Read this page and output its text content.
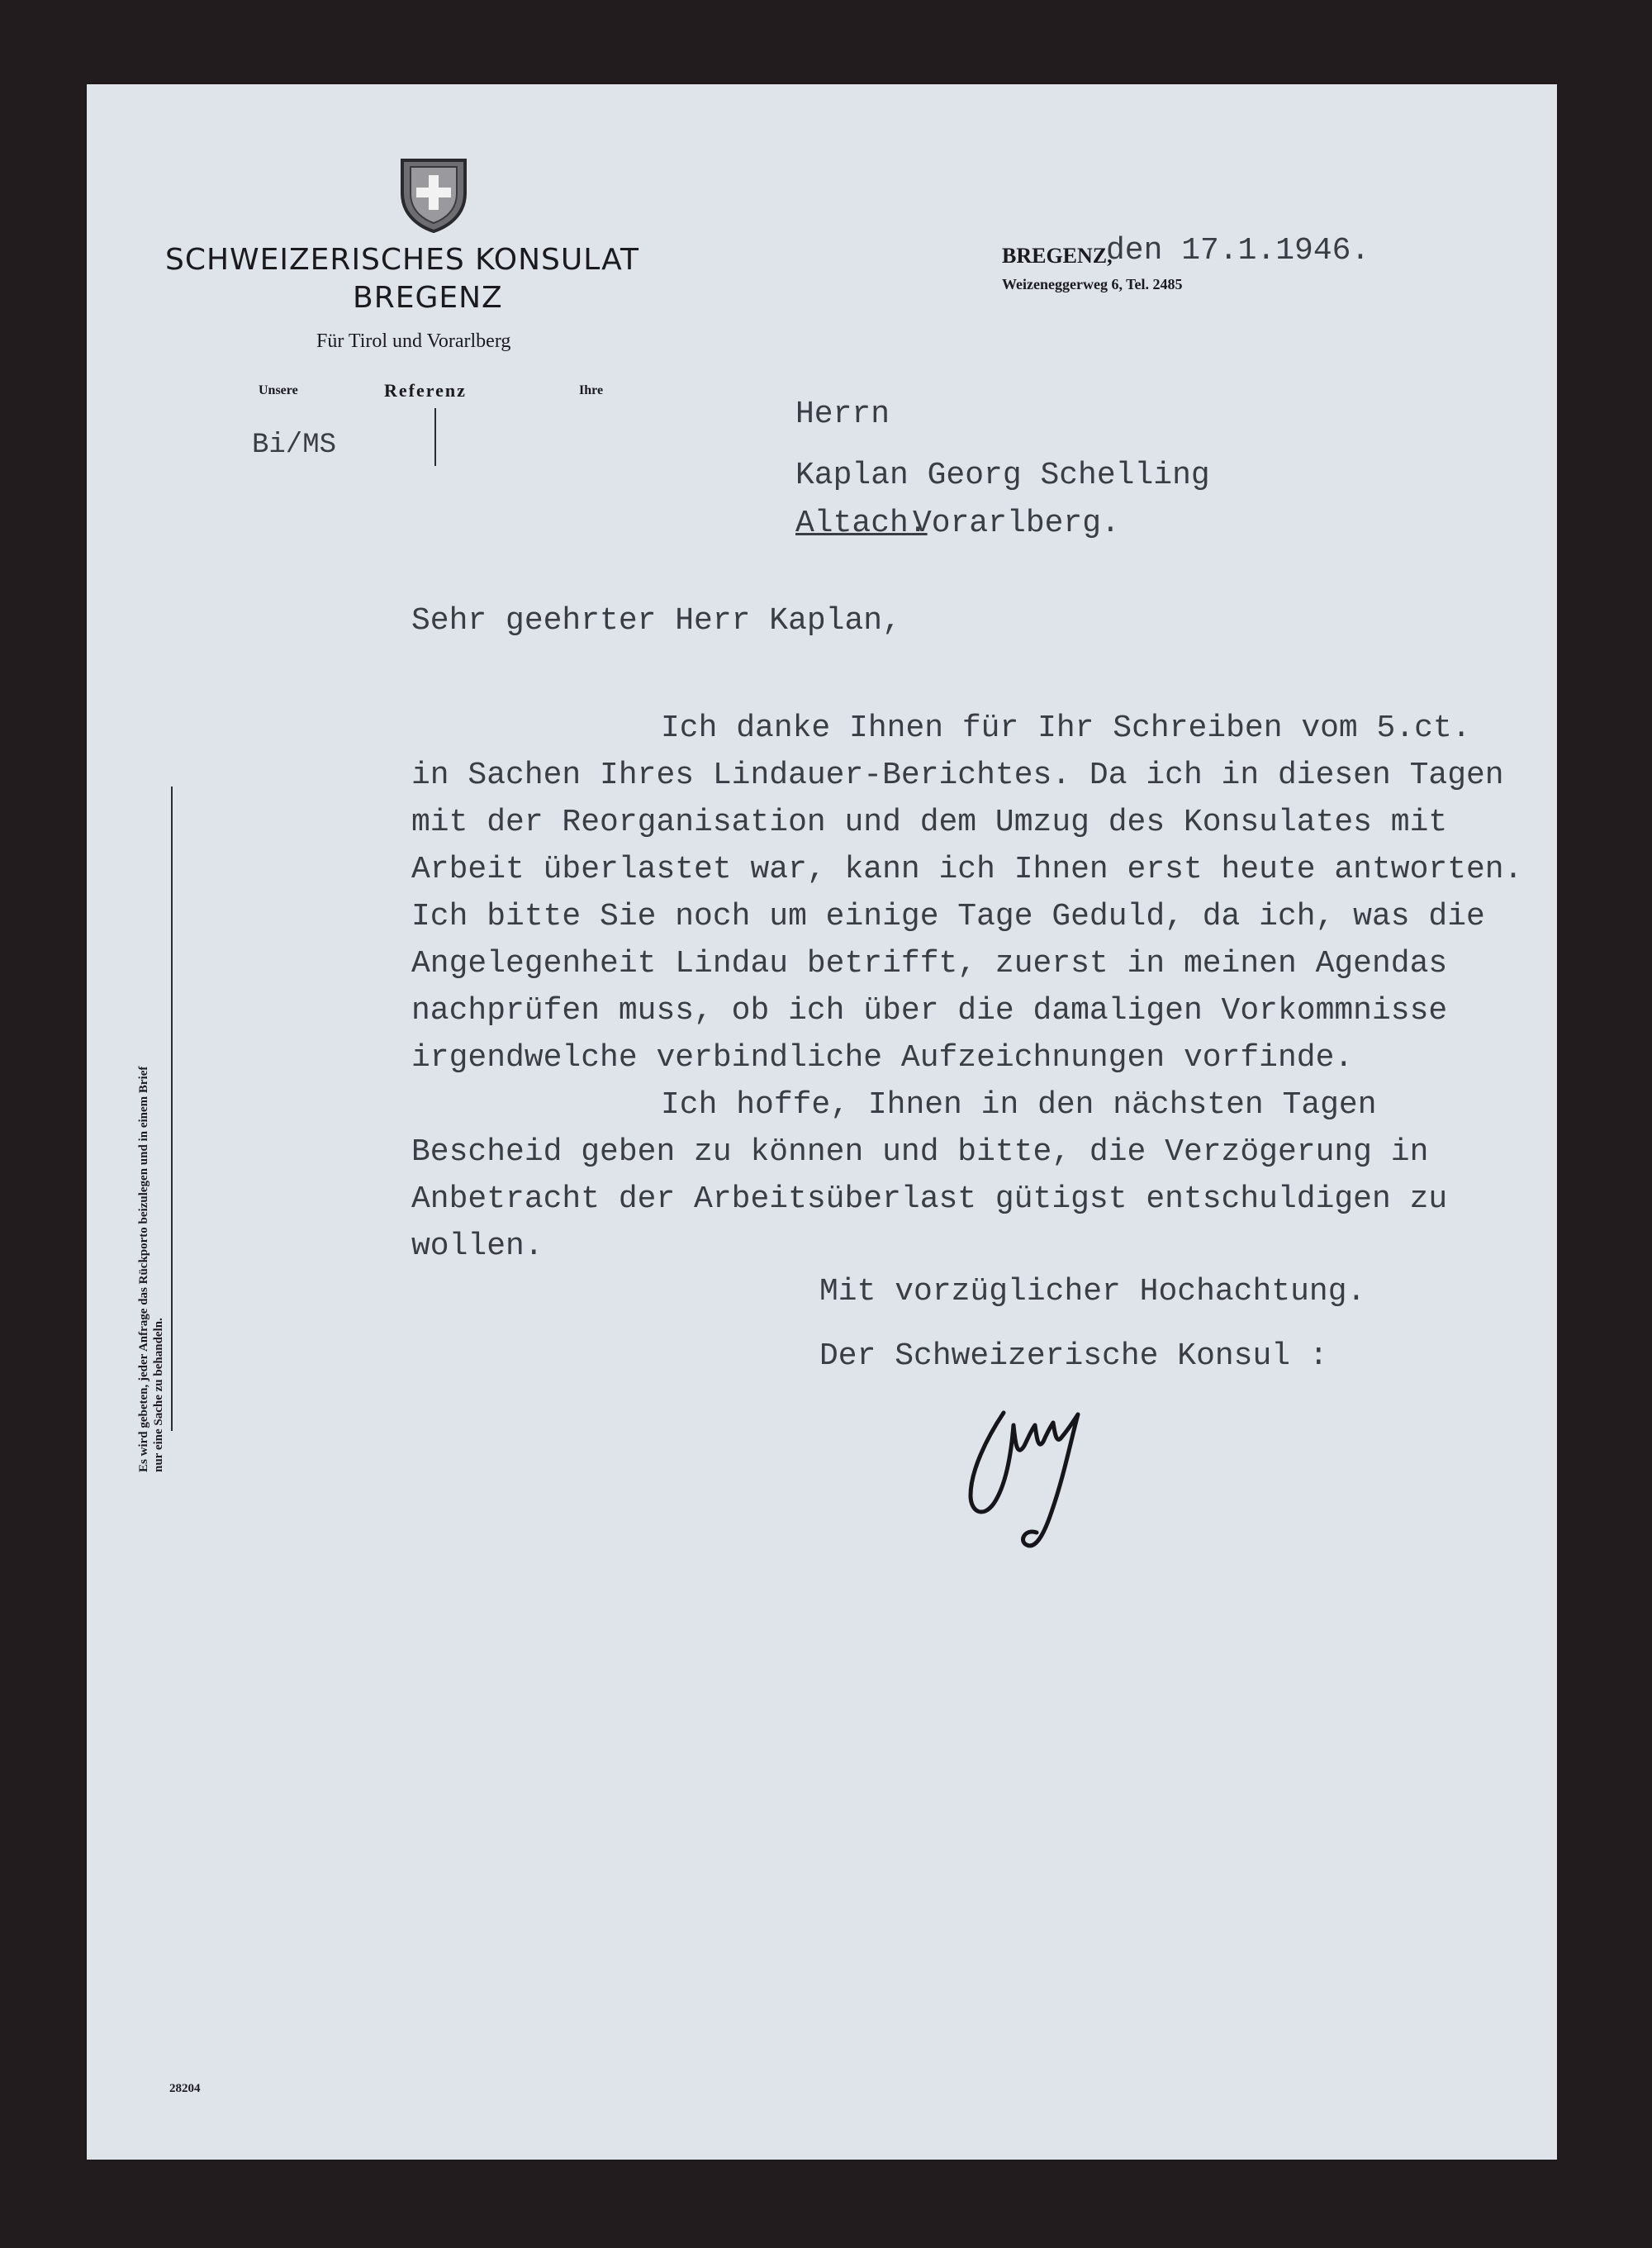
SCHWEIZERISCHES KONSULAT
BREGENZ
Für Tirol und Vorarlberg
BREGENZ,
den 17.1.1946.
Weizeneggerweg 6, Tel. 2485
Unsere	Referenz	Ihre
Bi/MS
Herrn
Kaplan Georg Schelling
Altach.
Vorarlberg.
Sehr geehrter Herr Kaplan,
Ich danke Ihnen für Ihr Schreiben vom 5.ct.
in Sachen Ihres Lindauer-Berichtes. Da ich in diesen Tagen
mit der Reorganisation und dem Umzug des Konsulates mit
Arbeit überlastet war, kann ich Ihnen erst heute antworten.
Ich bitte Sie noch um einige Tage Geduld, da ich, was die
Angelegenheit Lindau betrifft, zuerst in meinen Agendas
nachprüfen muss, ob ich über die damaligen Vorkommnisse
irgendwelche verbindliche Aufzeichnungen vorfinde.
Ich hoffe, Ihnen in den nächsten Tagen
Bescheid geben zu können und bitte, die Verzögerung in
Anbetracht der Arbeitsüberlast gütigst entschuldigen zu
wollen.
Mit vorzüglicher Hochachtung.
Der Schweizerische Konsul :
Es wird gebeten, jeder Anfrage das Rückporto beizulegen und in einem Brief nur eine Sache zu behandeln.
28204
